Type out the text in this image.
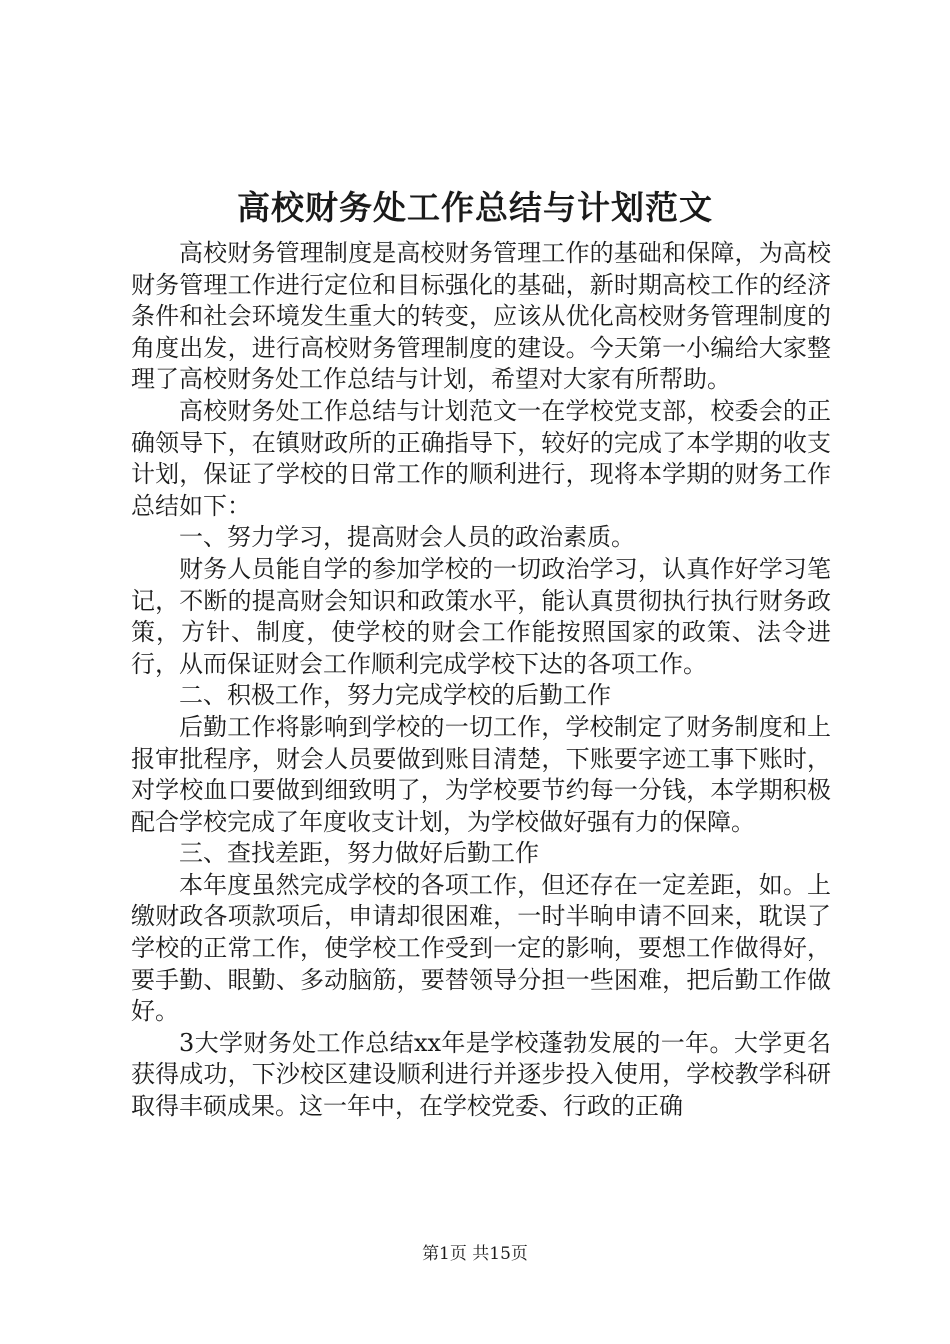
高校财务处工作总结与计划范文

高校财务管理制度是高校财务管理工作的基础和保障，为高校财务管理工作进行定位和目标强化的基础，新时期高校工作的经济条件和社会环境发生重大的转变，应该从优化高校财务管理制度的角度出发，进行高校财务管理制度的建设。今天第一小编给大家整理了高校财务处工作总结与计划，希望对大家有所帮助。

高校财务处工作总结与计划范文一在学校党支部，校委会的正确领导下，在镇财政所的正确指导下，较好的完成了本学期的收支计划，保证了学校的日常工作的顺利进行，现将本学期的财务工作总结如下：

一、努力学习，提高财会人员的政治素质。

财务人员能自学的参加学校的一切政治学习，认真作好学习笔记，不断的提高财会知识和政策水平，能认真贯彻执行执行财务政策，方针、制度，使学校的财会工作能按照国家的政策、法令进行，从而保证财会工作顺利完成学校下达的各项工作。

二、积极工作，努力完成学校的后勤工作

后勤工作将影响到学校的一切工作，学校制定了财务制度和上报审批程序，财会人员要做到账目清楚，下账要字迹工事下账时，对学校血口要做到细致明了，为学校要节约每一分钱，本学期积极配合学校完成了年度收支计划，为学校做好强有力的保障。

三、查找差距，努力做好后勤工作

本年度虽然完成学校的各项工作，但还存在一定差距，如。上缴财政各项款项后，申请却很困难，一时半晌申请不回来，耽误了学校的正常工作，使学校工作受到一定的影响，要想工作做得好，要手勤、眼勤、多动脑筋，要替领导分担一些困难，把后勤工作做好。

3大学财务处工作总结xx年是学校蓬勃发展的一年。大学更名获得成功，下沙校区建设顺利进行并逐步投入使用，学校教学科研取得丰硕成果。这一年中，在学校党委、行政的正确

第1页 共15页
